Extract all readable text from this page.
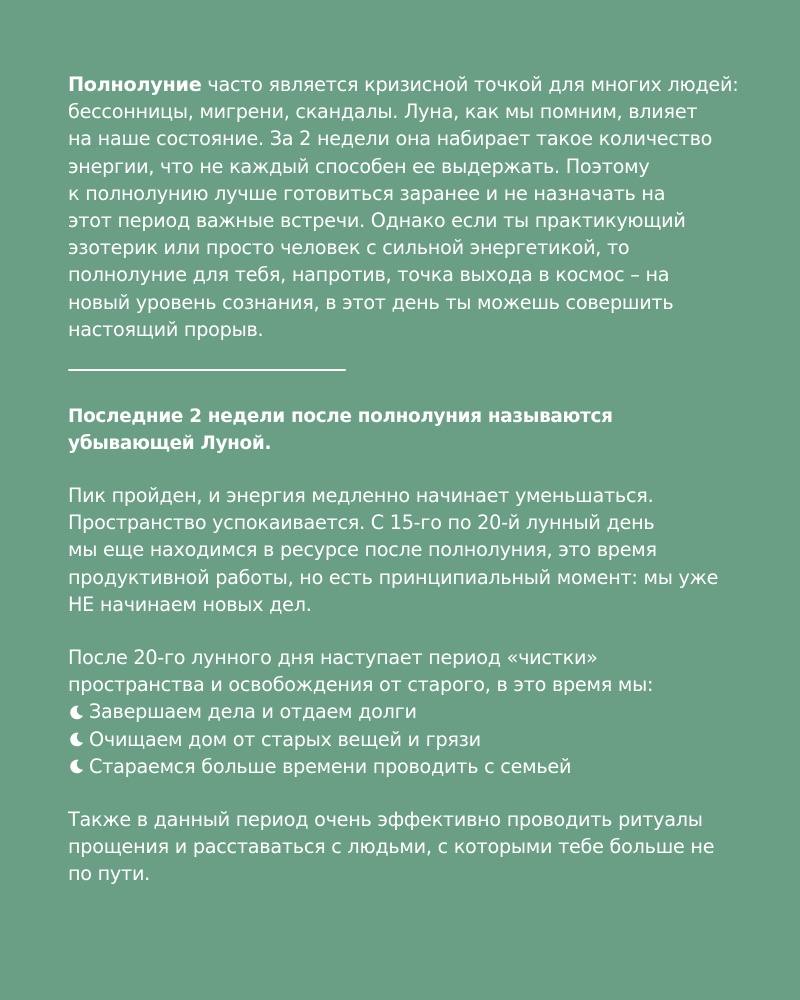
Полнолуние часто является кризисной точкой для многих людей:
бессонницы, мигрени, скандалы. Луна, как мы помним, влияет
на наше состояние. За 2 недели она набирает такое количество
энергии, что не каждый способен ее выдержать. Поэтому
к полнолунию лучше готовиться заранее и не назначать на
этот период важные встречи. Однако если ты практикующий
эзотерик или просто человек с сильной энергетикой, то
полнолуние для тебя, напротив, точка выхода в космос – на
новый уровень сознания, в этот день ты можешь совершить
настоящий прорыв.

Последние 2 недели после полнолуния называются
убывающей Луной.

Пик пройден, и энергия медленно начинает уменьшаться.
Пространство успокаивается. С 15-го по 20-й лунный день
мы еще находимся в ресурсе после полнолуния, это время
продуктивной работы, но есть принципиальный момент: мы уже
НЕ начинаем новых дел.

После 20-го лунного дня наступает период «чистки»
пространства и освобождения от старого, в это время мы:

Завершаем дела и отдаем долги
Очищаем дом от старых вещей и грязи
Стараемся больше времени проводить с семьей

Также в данный период очень эффективно проводить ритуалы
прощения и расставаться с людьми, с которыми тебе больше не
по пути.
